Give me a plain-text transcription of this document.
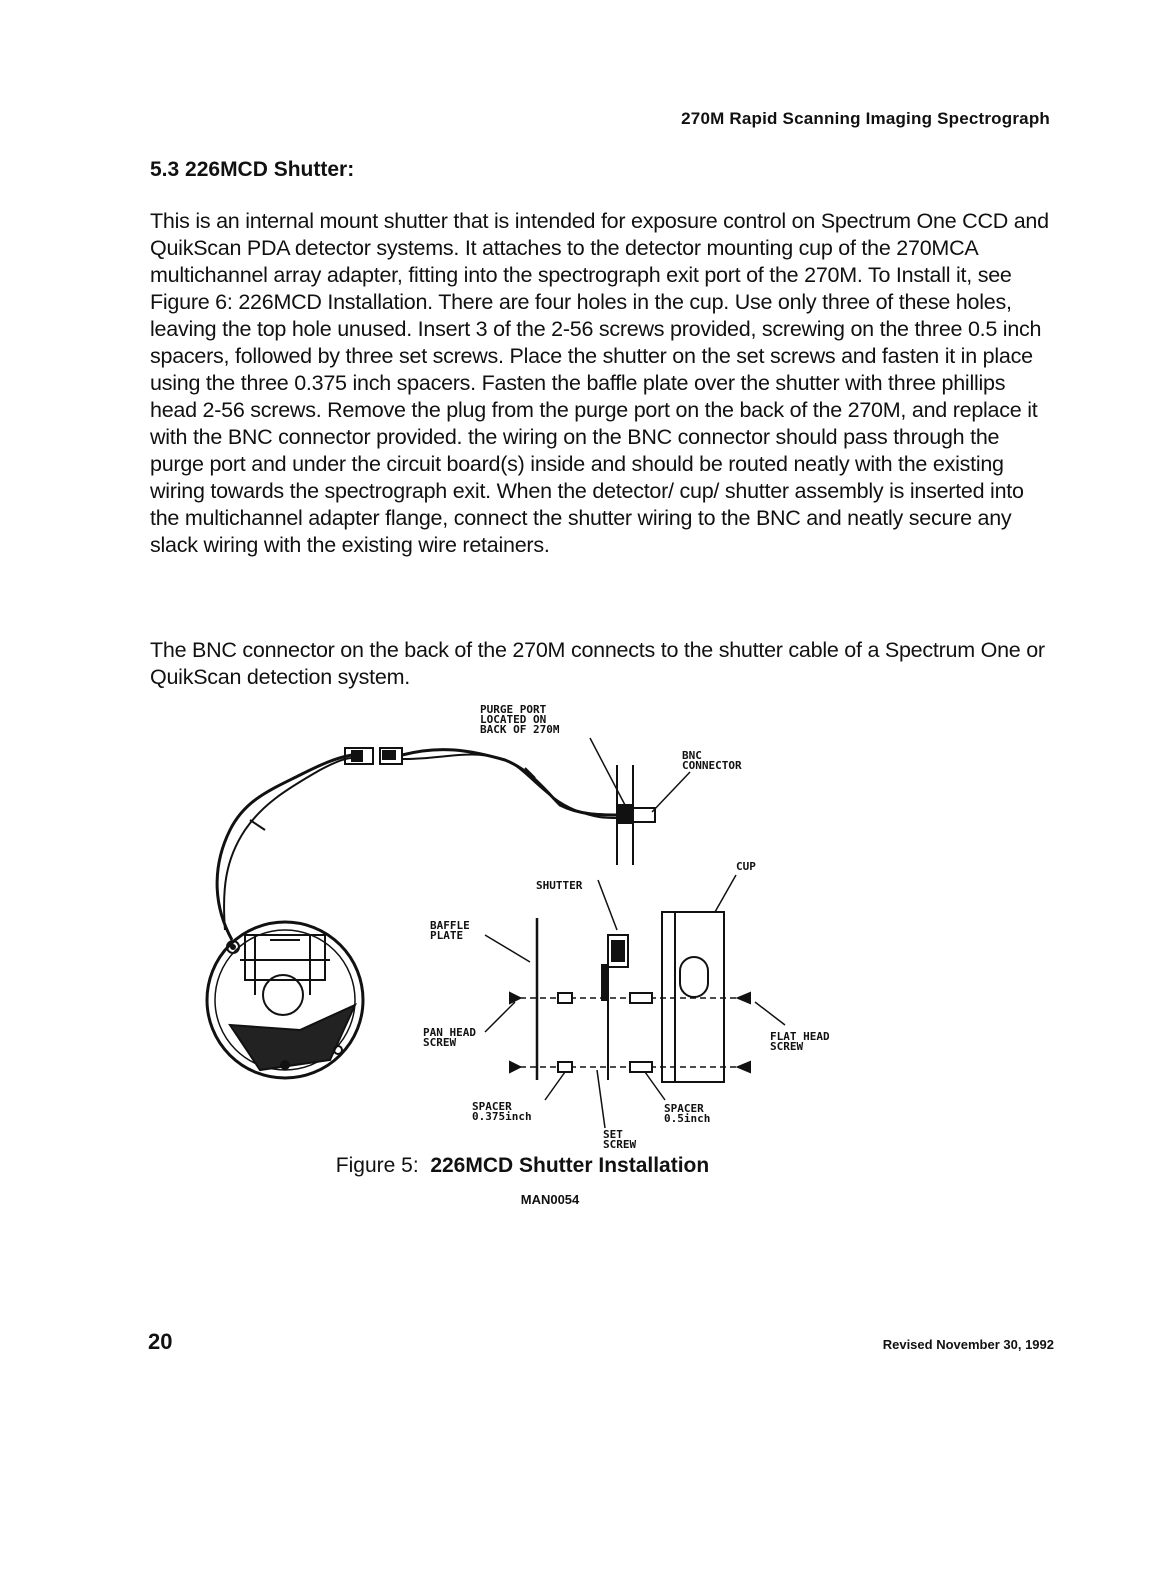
270M Rapid Scanning Imaging Spectrograph
5.3 226MCD Shutter:

This is an internal mount shutter that is intended for exposure control on Spectrum One CCD and QuikScan PDA detector systems. It attaches to the detector mounting cup of the 270MCA multichannel array adapter, fitting into the spectrograph exit port of the 270M. To Install it, see Figure 6: 226MCD Installation. There are four holes in the cup. Use only three of these holes, leaving the top hole unused. Insert 3 of the 2-56 screws provided, screwing on the three 0.5 inch spacers, followed by three set screws. Place the shutter on the set screws and fasten it in place using the three 0.375 inch spacers. Fasten the baffle plate over the shutter with three phillips head 2-56 screws. Remove the plug from the purge port on the back of the 270M, and replace it with the BNC connector provided. the wiring on the BNC connector should pass through the purge port and under the circuit board(s) inside and should be routed neatly with the existing wiring towards the spectrograph exit. When the detector/ cup/ shutter assembly is inserted into the multichannel adapter flange, connect the shutter wiring to the BNC and neatly secure any slack wiring with the existing wire retainers.

The BNC connector on the back of the 270M connects to the shutter cable of a Spectrum One or QuikScan detection system.

PURGE PORT
LOCATED ON
BACK OF 270M
BNC
CONNECTOR
CUP
SHUTTER
BAFFLE
PLATE
PAN HEAD
SCREW	FLAT HEAD
SCREW
SPACER
0.375inch
SPACER
0.5inch
SET
SCREW
Figure 5: 226MCD Shutter Installation
MAN0054
20	Revised November 30, 1992
